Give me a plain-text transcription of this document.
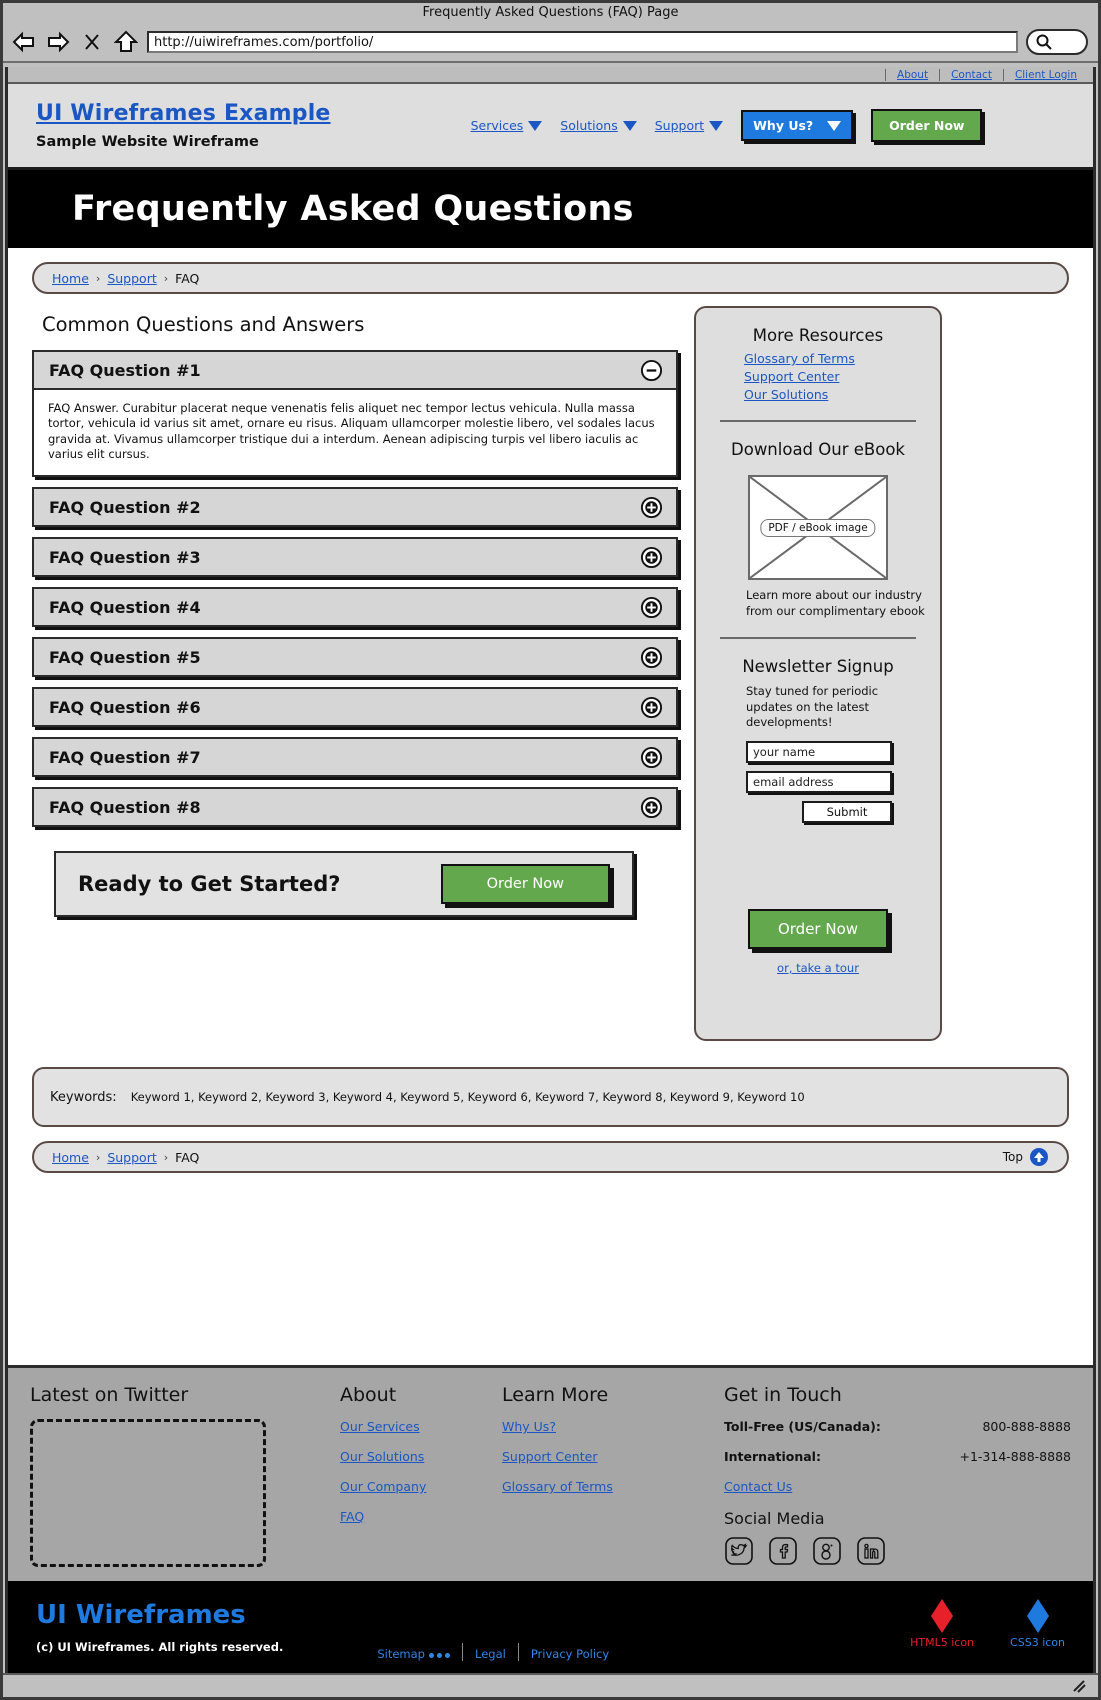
Frequently Asked Questions (FAQ) Page
http://uiwireframes.com/portfolio/
About	Contact	Client Login
UI Wireframes Example
Sample Website Wireframe
Services	Solutions	Support	Why Us?	Order Now
Frequently Asked Questions
Home › Support › FAQ
Common Questions and Answers
FAQ Question #1
FAQ Answer. Curabitur placerat neque venenatis felis aliquet nec tempor lectus vehicula. Nulla massa tortor, vehicula id varius sit amet, ornare eu risus. Aliquam ullamcorper molestie libero, vel sodales lacus gravida at. Vivamus ullamcorper tristique dui a interdum. Aenean adipiscing turpis vel libero iaculis ac varius elit cursus.
FAQ Question #2
FAQ Question #3
FAQ Question #4
FAQ Question #5
FAQ Question #6
FAQ Question #7
FAQ Question #8
Ready to Get Started?	Order Now
More Resources
Glossary of Terms
Support Center
Our Solutions
Download Our eBook
PDF / eBook image
Learn more about our industry from our complimentary ebook
Newsletter Signup
Stay tuned for periodic updates on the latest developments!
your name
email address
Submit
Order Now
or, take a tour
Keywords: Keyword 1, Keyword 2, Keyword 3, Keyword 4, Keyword 5, Keyword 6, Keyword 7, Keyword 8, Keyword 9, Keyword 10
Home › Support › FAQ	Top
Latest on Twitter	About
Our Services
Our Solutions
Our Company
FAQ
Learn More
Why Us?
Support Center
Glossary of Terms
Get in Touch
Toll-Free (US/Canada):	800-888-8888
International:	+1-314-888-8888
Contact Us
Social Media
UI Wireframes
(c) UI Wireframes. All rights reserved.	Sitemap	Legal	Privacy Policy
HTML5 icon	CSS3 icon
